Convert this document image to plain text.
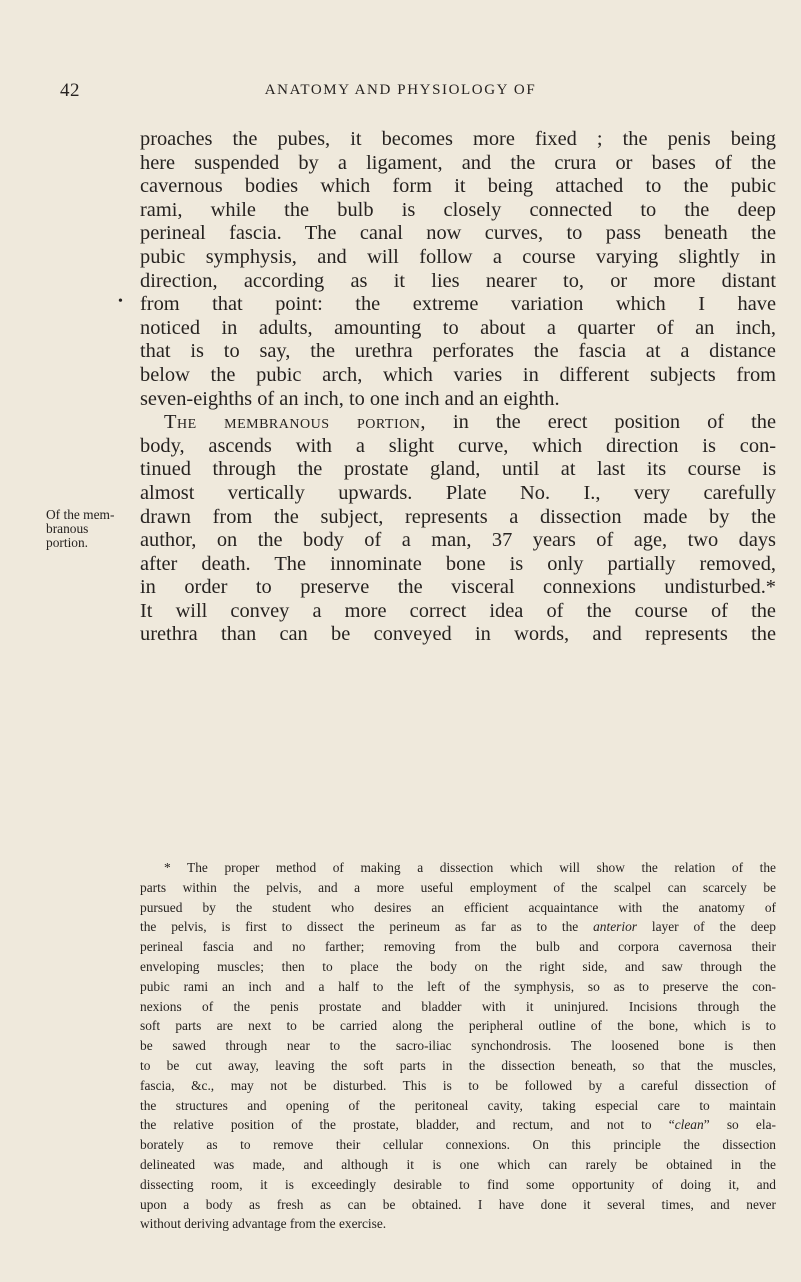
42	ANATOMY AND PHYSIOLOGY OF
•
Of the mem-
branous
portion.
proaches the pubes, it becomes more fixed ; the penis being
here suspended by a ligament, and the crura or bases of the
cavernous bodies which form it being attached to the pubic
rami, while the bulb is closely connected to the deep
perineal fascia. The canal now curves, to pass beneath the
pubic symphysis, and will follow a course varying slightly in
direction, according as it lies nearer to, or more distant
from that point: the extreme variation which I have
noticed in adults, amounting to about a quarter of an inch,
that is to say, the urethra perforates the fascia at a distance
below the pubic arch, which varies in different subjects from
seven-eighths of an inch, to one inch and an eighth.
The membranous portion, in the erect position of the
body, ascends with a slight curve, which direction is con-
tinued through the prostate gland, until at last its course is
almost vertically upwards. Plate No. I., very carefully
drawn from the subject, represents a dissection made by the
author, on the body of a man, 37 years of age, two days
after death. The innominate bone is only partially removed,
in order to preserve the visceral connexions undisturbed.*
It will convey a more correct idea of the course of the
urethra than can be conveyed in words, and represents the
* The proper method of making a dissection which will show the relation of the
parts within the pelvis, and a more useful employment of the scalpel can scarcely be
pursued by the student who desires an efficient acquaintance with the anatomy of
the pelvis, is first to dissect the perineum as far as to the anterior layer of the deep
perineal fascia and no farther; removing from the bulb and corpora cavernosa their
enveloping muscles; then to place the body on the right side, and saw through the
pubic rami an inch and a half to the left of the symphysis, so as to preserve the con-
nexions of the penis prostate and bladder with it uninjured. Incisions through the
soft parts are next to be carried along the peripheral outline of the bone, which is to
be sawed through near to the sacro-iliac synchondrosis. The loosened bone is then
to be cut away, leaving the soft parts in the dissection beneath, so that the muscles,
fascia, &c., may not be disturbed. This is to be followed by a careful dissection of
the structures and opening of the peritoneal cavity, taking especial care to maintain
the relative position of the prostate, bladder, and rectum, and not to “clean” so ela-
borately as to remove their cellular connexions. On this principle the dissection
delineated was made, and although it is one which can rarely be obtained in the
dissecting room, it is exceedingly desirable to find some opportunity of doing it, and
upon a body as fresh as can be obtained. I have done it several times, and never
without deriving advantage from the exercise.
